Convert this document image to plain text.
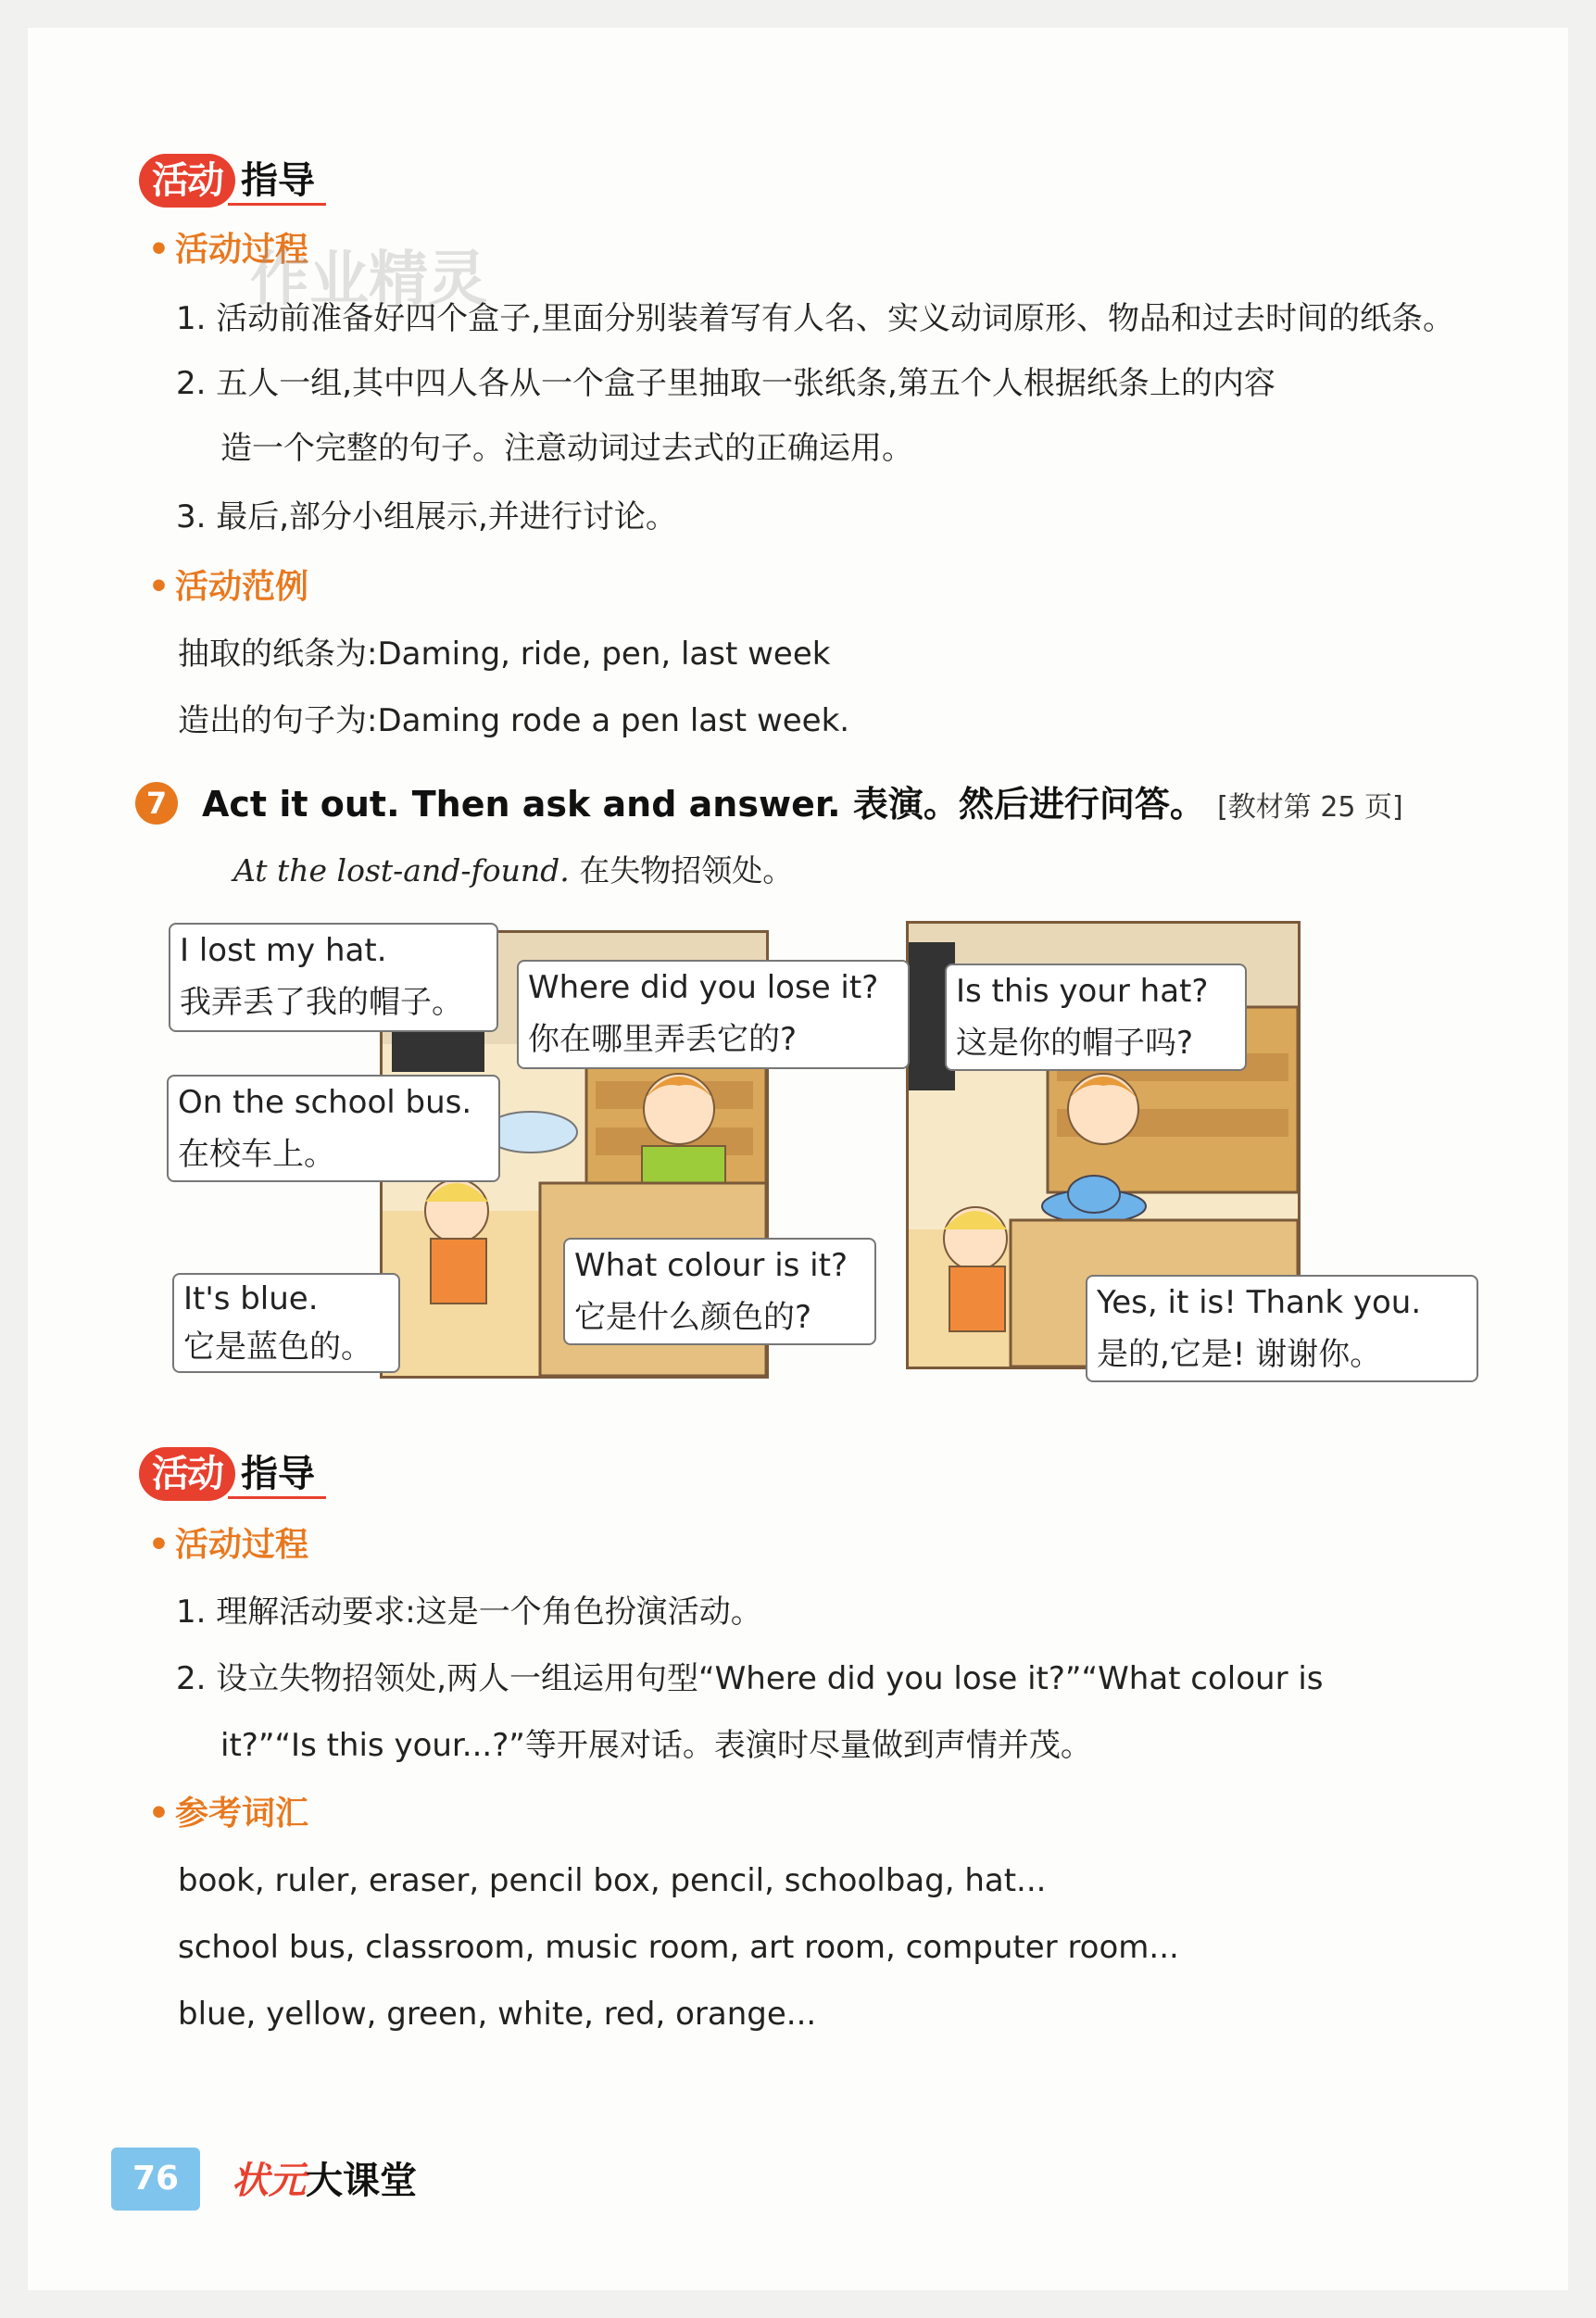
活动 指导
• 活动过程
作业精灵
1. 活动前准备好四个盒子,里面分别装着写有人名、实义动词原形、物品和过去时间的纸条。
2. 五人一组,其中四人各从一个盒子里抽取一张纸条,第五个人根据纸条上的内容
造一个完整的句子。注意动词过去式的正确运用。
3. 最后,部分小组展示,并进行讨论。
• 活动范例
抽取的纸条为:Daming, ride, pen, last week
造出的句子为:Daming rode a pen last week.
7 Act it out. Then ask and answer. 表演。然后进行问答。 [教材第 25 页]
At the lost-and-found. 在失物招领处。
I lost my hat.
我弄丢了我的帽子。	Where did you lose it?
你在哪里弄丢它的?
On the school bus.
在校车上。
What colour is it?
它是什么颜色的?
It's blue.
它是蓝色的。
Is this your hat?
这是你的帽子吗?
Yes, it is! Thank you.
是的,它是! 谢谢你。
活动 指导
• 活动过程
1. 理解活动要求:这是一个角色扮演活动。
2. 设立失物招领处,两人一组运用句型“Where did you lose it?”“What colour is
it?”“Is this your...?”等开展对话。表演时尽量做到声情并茂。
• 参考词汇
book, ruler, eraser, pencil box, pencil, schoolbag, hat...
school bus, classroom, music room, art room, computer room...
blue, yellow, green, white, red, orange...
76	状元大课堂
